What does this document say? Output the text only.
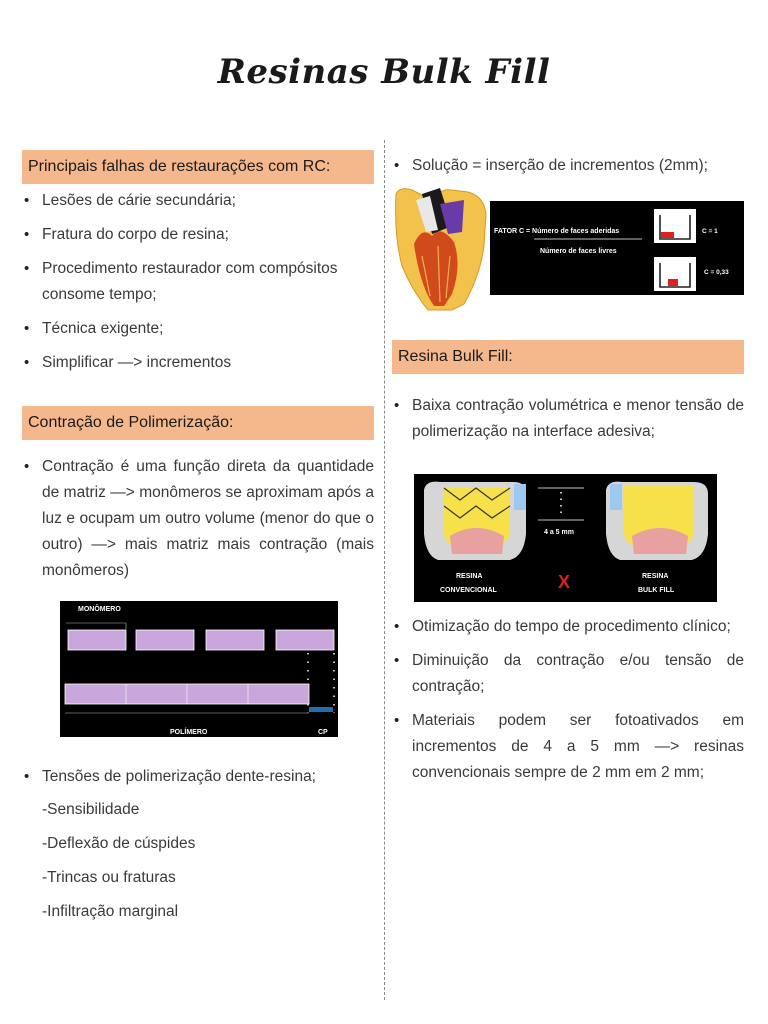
Resinas Bulk Fill
Principais falhas de restaurações com RC:
• Lesões de cárie secundária;
• Fratura do corpo de resina;
• Procedimento restaurador com compósitos consome tempo;
• Técnica exigente;
• Simplificar —> incrementos
Contração de Polimerização:
• Contração é uma função direta da quantidade de matriz —> monômeros se aproximam após a luz e ocupam um outro volume (menor do que o outro) —> mais matriz mais contração (mais monômeros)
MONÔMERO
POLÍMERO	CP
• Tensões de polimerização dente-resina;
-Sensibilidade
-Deflexão de cúspides
-Trincas ou fraturas
-Infiltração marginal
• Solução = inserção de incrementos (2mm);
FATOR C = Número de faces aderidas
Número de faces livres
C = 1
C = 0,33
Resina Bulk Fill:
• Baixa contração volumétrica e menor tensão de polimerização na interface adesiva;
4 a 5 mm
RESINA
CONVENCIONAL	X	RESINA
BULK FILL
• Otimização do tempo de procedimento clínico;
• Diminuição da contração e/ou tensão de contração;
• Materiais podem ser fotoativados em incrementos de 4 a 5 mm —> resinas convencionais sempre de 2 mm em 2 mm;
